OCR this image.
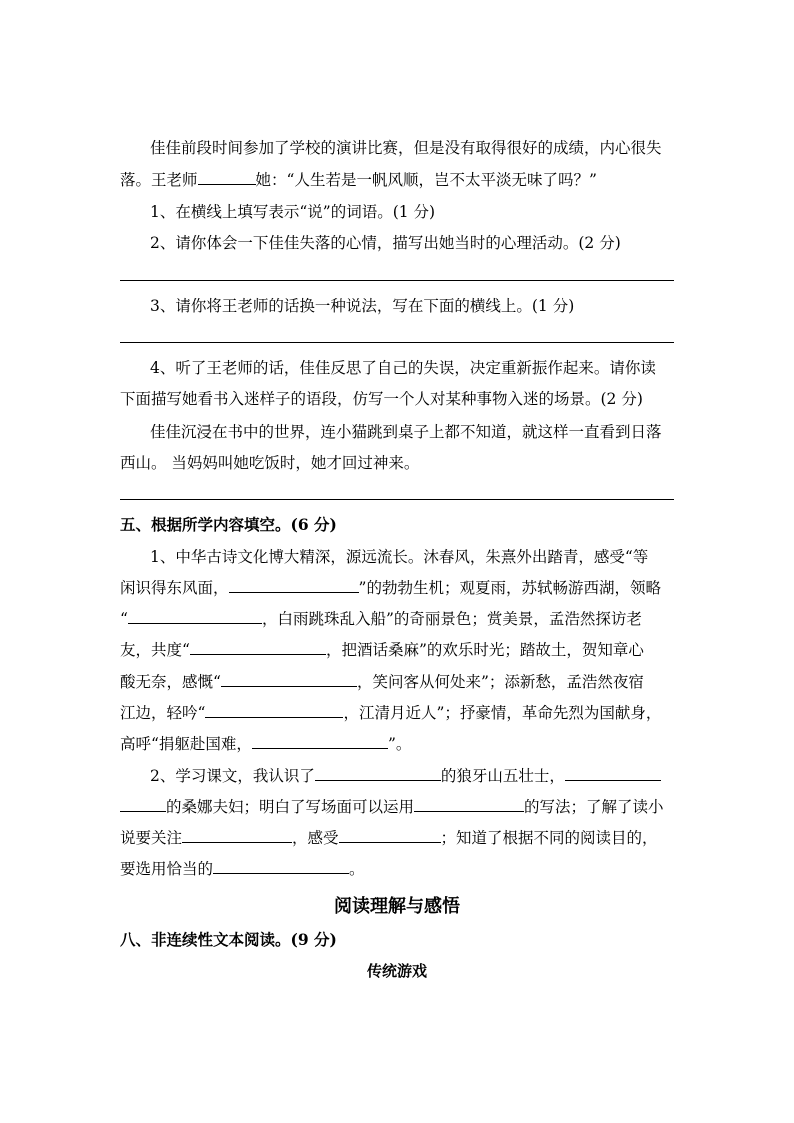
佳佳前段时间参加了学校的演讲比赛，但是没有取得很好的成绩，内心很失
落。王老师	她：“人生若是一帆风顺，岂不太平淡无味了吗？”
1、在横线上填写表示“说”的词语。(1 分)
2、请你体会一下佳佳失落的心情，描写出她当时的心理活动。(2 分)
3、请你将王老师的话换一种说法，写在下面的横线上。(1 分)
4、听了王老师的话，佳佳反思了自己的失误，决定重新振作起来。请你读
下面描写她看书入迷样子的语段，仿写一个人对某种事物入迷的场景。(2 分)
佳佳沉浸在书中的世界，连小猫跳到桌子上都不知道，就这样一直看到日落
西山。 当妈妈叫她吃饭时，她才回过神来。
五、根据所学内容填空。(6 分)
1、中华古诗文化博大精深，源远流长。沐春风，朱熹外出踏青，感受“等
闲识得东风面，	”的勃勃生机；观夏雨，苏轼畅游西湖，领略
“	，白雨跳珠乱入船”的奇丽景色；赏美景，孟浩然探访老
友，共度“	，把酒话桑麻”的欢乐时光；踏故土，贺知章心
酸无奈，感慨“	，笑问客从何处来”；添新愁，孟浩然夜宿
江边，轻吟“	，江清月近人”；抒豪情，革命先烈为国献身，
高呼“捐躯赴国难，	”。
2、学习课文，我认识了	的狼牙山五壮士，
的桑娜夫妇；明白了写场面可以运用	的写法；了解了读小
说要关注	，感受	；知道了根据不同的阅读目的，
要选用恰当的	。
阅读理解与感悟
八、非连续性文本阅读。(9 分)
传统游戏
